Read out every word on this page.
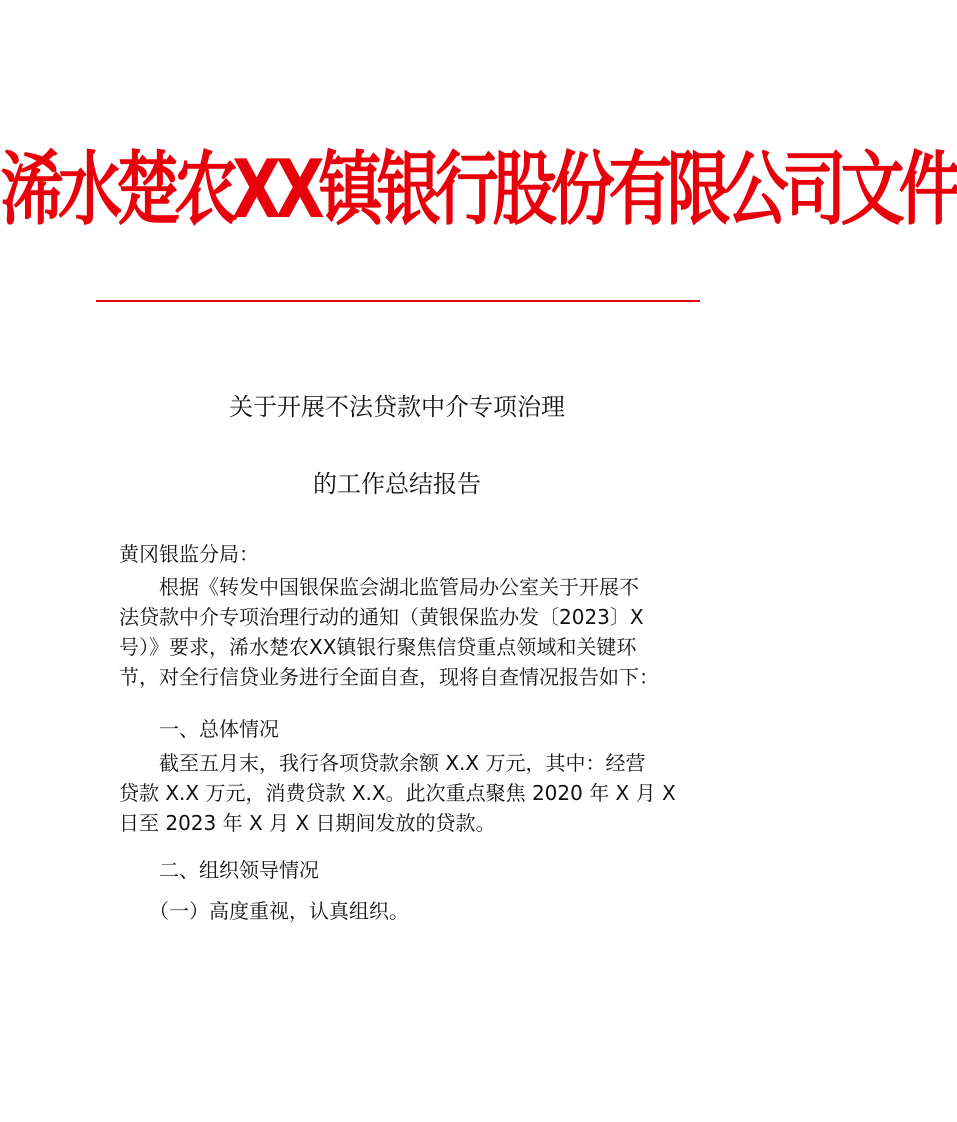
浠水楚农XX镇银行股份有限公司文件
关于开展不法贷款中介专项治理
的工作总结报告
黄冈银监分局：
　　根据《转发中国银保监会湖北监管局办公室关于开展不
法贷款中介专项治理行动的通知（黄银保监办发〔2023〕X
号）》要求，浠水楚农XX镇银行聚焦信贷重点领域和关键环
节，对全行信贷业务进行全面自查，现将自查情况报告如下：
　　一、总体情况
　　截至五月末，我行各项贷款余额 X.X 万元，其中：经营
贷款 X.X 万元，消费贷款 X.X。此次重点聚焦 2020 年 X 月 X
日至 2023 年 X 月 X 日期间发放的贷款。
　　二、组织领导情况
　　（一）高度重视，认真组织。
